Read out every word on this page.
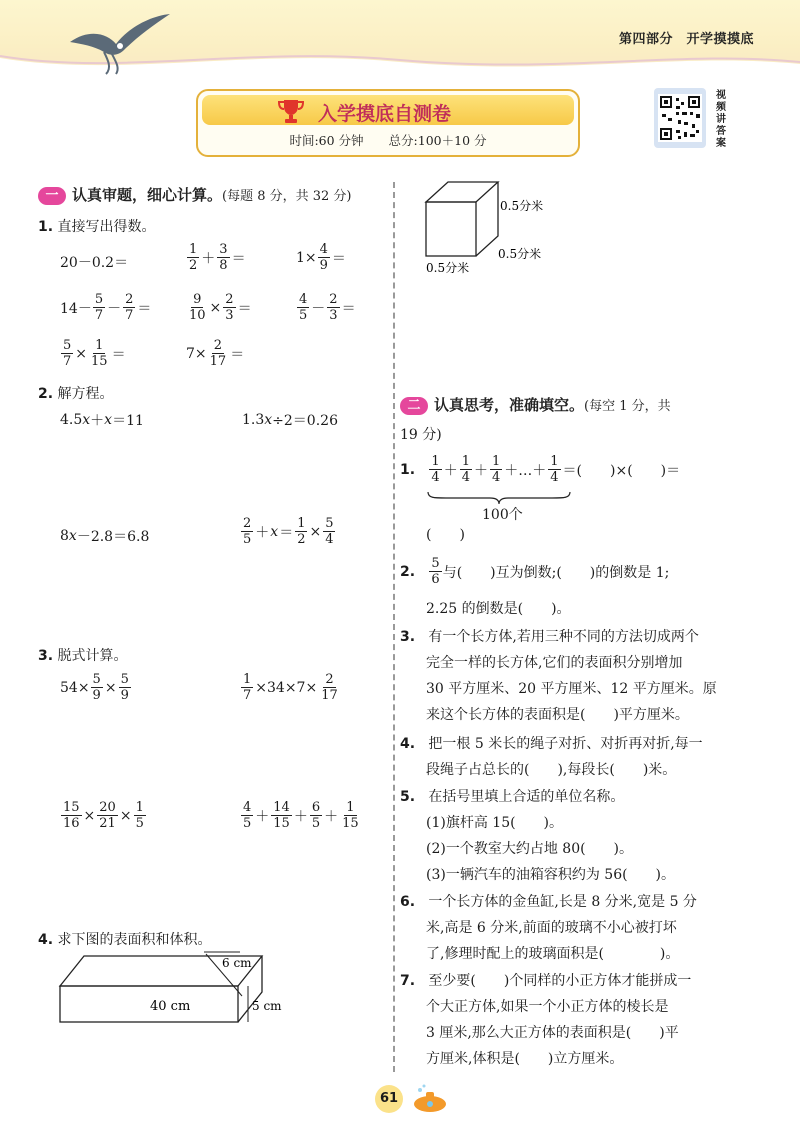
第四部分　开学摸摸底
入学摸底自测卷
时间:60 分钟　　总分:100＋10 分
视频讲答案
一 认真审题，细心计算。(每题 8 分，共 32 分)
1. 直接写出得数。
20－0.2＝	$\frac{1}{2} + \frac{3}{8}$ ＝	$1\times \frac{4}{9}$ ＝
$14- \frac{5}{7} - \frac{2}{7}$ ＝	$\frac{9}{10} \times \frac{2}{3}$ ＝	$\frac{4}{5} - \frac{2}{3}$ ＝
$\frac{5}{7} \times \frac{1}{15}$ ＝	$7\times \frac{2}{17}$ ＝
2. 解方程。
4.5 x ＋ x ＝11	1.3 x ÷2＝0.26
8 x －2.8＝6.8	$\frac{2}{5} + x = \frac{1}{2} \times \frac{5}{4}$
3. 脱式计算。
$54\times \frac{5}{9} \times \frac{5}{9}$	$\frac{1}{7} \times 34\times 7\times \frac{2}{17}$
$\frac{15}{16} \times \frac{20}{21} \times \frac{1}{5}$	$\frac{4}{5} + \frac{14}{15} + \frac{6}{5} + \frac{1}{15}$
4. 求下图的表面积和体积。
40 cm
6 cm
5 cm
0.5分米
0.5分米
0.5分米
二 认真思考，准确填空。(每空 1 分，共
19 分)
1.
$\frac{1}{4} + \frac{1}{4} + \frac{1}{4}$ ＋…＋ $\frac{1}{4}$ ＝(　　)×(　　)＝
100个
(　　)
2.
$\frac{5}{6}$ 与(　　)互为倒数;(　　)的倒数是 1;
2.25 的倒数是(　　)。
3. 有一个长方体,若用三种不同的方法切成两个
完全一样的长方体,它们的表面积分别增加
30 平方厘米、20 平方厘米、12 平方厘米。原
来这个长方体的表面积是(　　)平方厘米。
4. 把一根 5 米长的绳子对折、对折再对折,每一
段绳子占总长的(　　),每段长(　　)米。
5. 在括号里填上合适的单位名称。
(1)旗杆高 15(　　)。
(2)一个教室大约占地 80(　　)。
(3)一辆汽车的油箱容积约为 56(　　)。
6. 一个长方体的金鱼缸,长是 8 分米,宽是 5 分
米,高是 6 分米,前面的玻璃不小心被打坏
了,修理时配上的玻璃面积是(　　　　)。
7. 至少要(　　)个同样的小正方体才能拼成一
个大正方体,如果一个小正方体的棱长是
3 厘米,那么大正方体的表面积是(　　)平
方厘米,体积是(　　)立方厘米。
61
